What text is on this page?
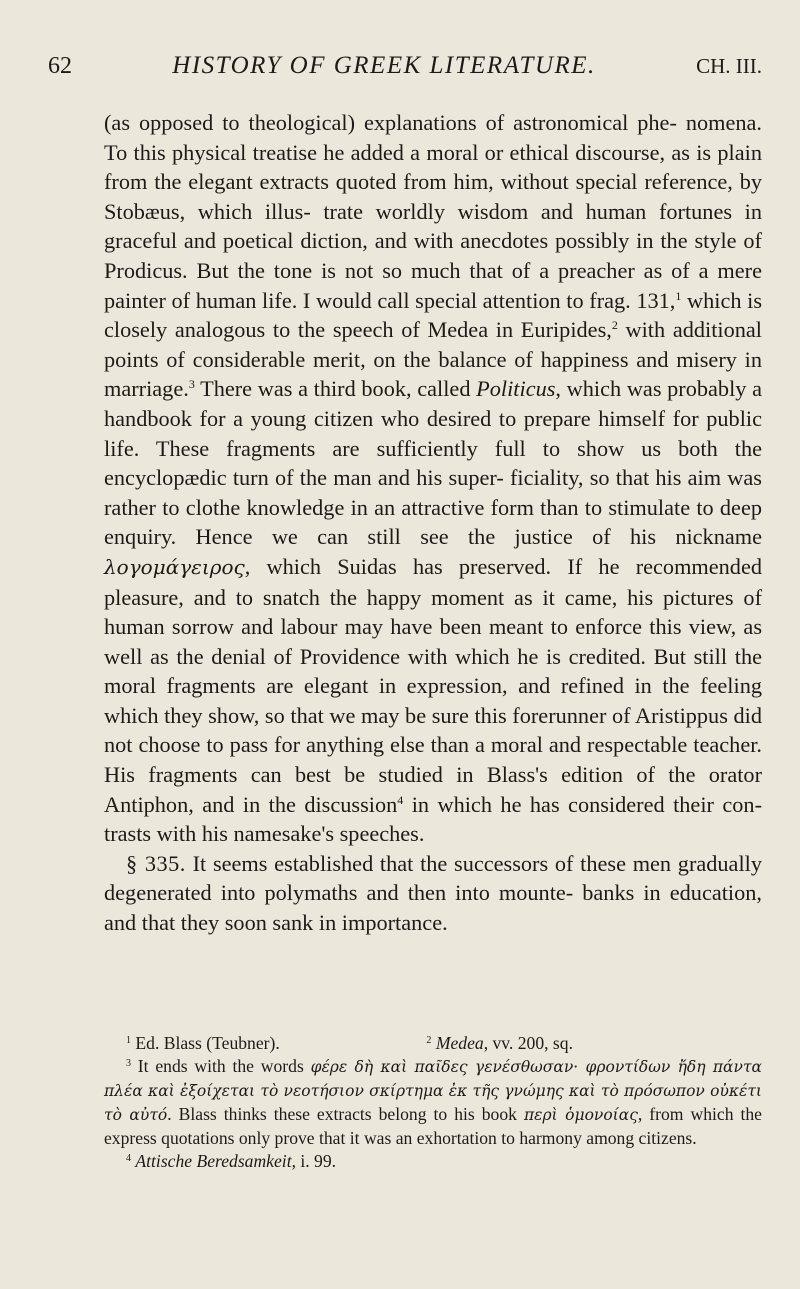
62	HISTORY OF GREEK LITERATURE.	CH. III.

(as opposed to theological) explanations of astronomical phe- nomena. To this physical treatise he added a moral or ethical discourse, as is plain from the elegant extracts quoted from him, without special reference, by Stobæus, which illus- trate worldly wisdom and human fortunes in graceful and poetical diction, and with anecdotes possibly in the style of Prodicus. But the tone is not so much that of a preacher as of a mere painter of human life. I would call special attention to frag. 131,$^1$ which is closely analogous to the speech of Medea in Euripides,$^2$ with additional points of considerable merit, on the balance of happiness and misery in marriage.$^3$ There was a third book, called Politicus, which was probably a handbook for a young citizen who desired to prepare himself for public life. These fragments are sufficiently full to show us both the encyclopædic turn of the man and his super- ficiality, so that his aim was rather to clothe knowledge in an attractive form than to stimulate to deep enquiry. Hence we can still see the justice of his nickname λογομάγειρος, which Suidas has preserved. If he recommended pleasure, and to snatch the happy moment as it came, his pictures of human sorrow and labour may have been meant to enforce this view, as well as the denial of Providence with which he is credited. But still the moral fragments are elegant in expression, and refined in the feeling which they show, so that we may be sure this forerunner of Aristippus did not choose to pass for anything else than a moral and respectable teacher. His fragments can best be studied in Blass's edition of the orator Antiphon, and in the discussion$^4$ in which he has considered their con- trasts with his namesake's speeches.

§ 335. It seems established that the successors of these men gradually degenerated into polymaths and then into mounte- banks in education, and that they soon sank in importance.

$^1$ Ed. Blass (Teubner).	$^2$ Medea, vv. 200, sq.

$^3$ It ends with the words φέρε δὴ καὶ παῖδες γενέσθωσαν· φροντίδων ἤδη πάντα πλέα καὶ ἐξοίχεται τὸ νεοτήσιον σκίρτημα ἐκ τῆς γνώμης καὶ τὸ πρόσωπον οὐκέτι τὸ αὐτό. Blass thinks these extracts belong to his book περὶ ὁμονοίας, from which the express quotations only prove that it was an exhortation to harmony among citizens.

$^4$ Attische Beredsamkeit, i. 99.
